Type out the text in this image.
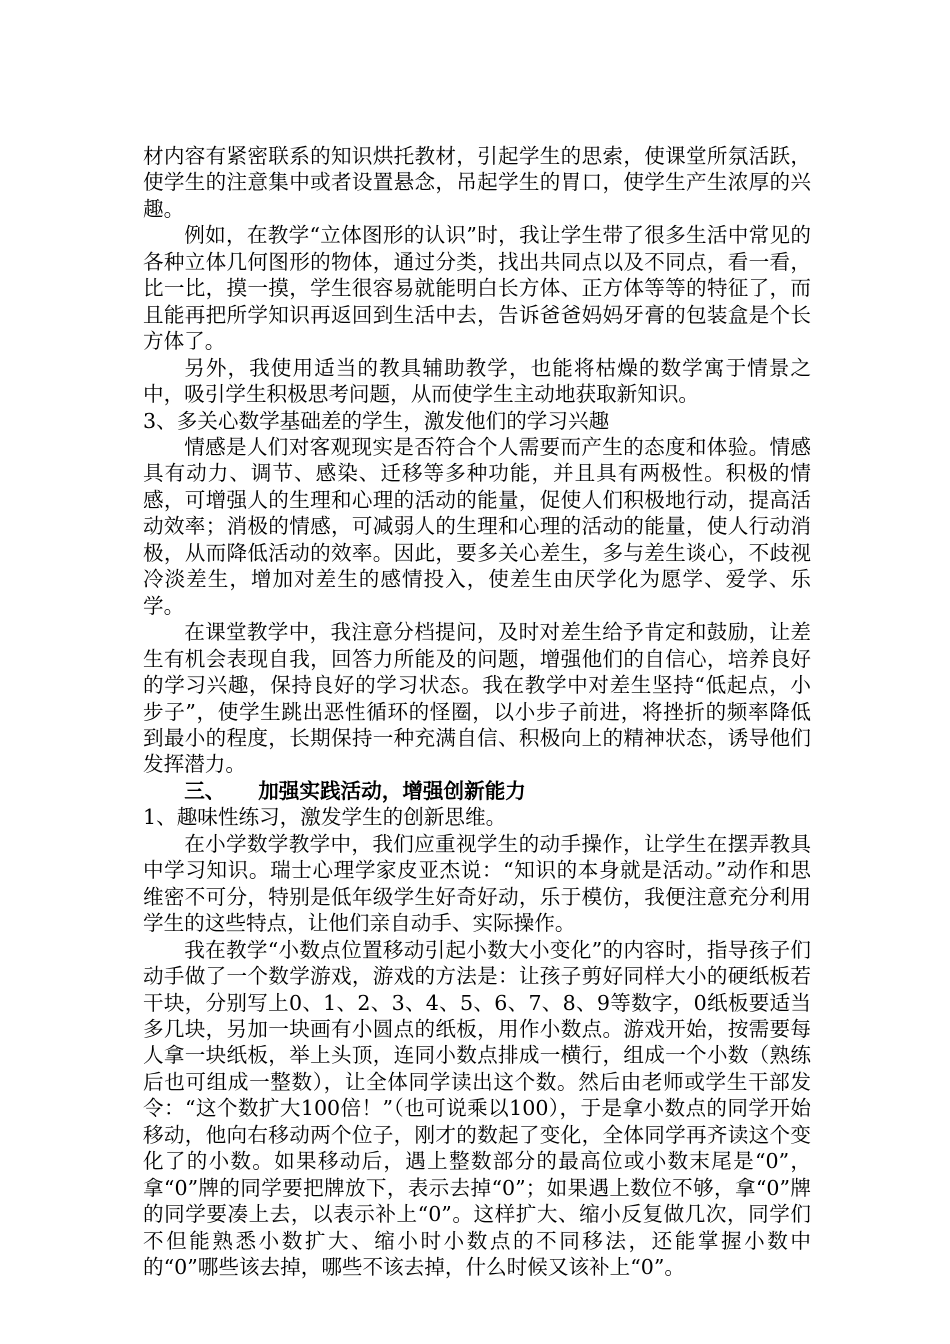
材内容有紧密联系的知识烘托教材，引起学生的思索，使课堂所氛活跃，使学生的注意集中或者设置悬念，吊起学生的胃口，使学生产生浓厚的兴趣。

例如，在教学“立体图形的认识”时，我让学生带了很多生活中常见的各种立体几何图形的物体，通过分类，找出共同点以及不同点，看一看，比一比，摸一摸，学生很容易就能明白长方体、正方体等等的特征了，而且能再把所学知识再返回到生活中去，告诉爸爸妈妈牙膏的包装盒是个长方体了。

另外，我使用适当的教具辅助教学，也能将枯燥的数学寓于情景之中，吸引学生积极思考问题，从而使学生主动地获取新知识。

3、多关心数学基础差的学生，激发他们的学习兴趣

情感是人们对客观现实是否符合个人需要而产生的态度和体验。情感具有动力、调节、感染、迁移等多种功能，并且具有两极性。积极的情感，可增强人的生理和心理的活动的能量，促使人们积极地行动，提高活动效率；消极的情感，可减弱人的生理和心理的活动的能量，使人行动消极，从而降低活动的效率。因此，要多关心差生，多与差生谈心，不歧视冷淡差生，增加对差生的感情投入，使差生由厌学化为愿学、爱学、乐学。

在课堂教学中，我注意分档提问，及时对差生给予肯定和鼓励，让差生有机会表现自我，回答力所能及的问题，增强他们的自信心，培养良好的学习兴趣，保持良好的学习状态。我在教学中对差生坚持“低起点，小步子”，使学生跳出恶性循环的怪圈，以小步子前进，将挫折的频率降低到最小的程度，长期保持一种充满自信、积极向上的精神状态，诱导他们发挥潜力。

三、 加强实践活动，增强创新能力

1、趣味性练习，激发学生的创新思维。

在小学数学教学中，我们应重视学生的动手操作，让学生在摆弄教具中学习知识。瑞士心理学家皮亚杰说：“知识的本身就是活动。”动作和思维密不可分，特别是低年级学生好奇好动，乐于模仿，我便注意充分利用学生的这些特点，让他们亲自动手、实际操作。

我在教学“小数点位置移动引起小数大小变化”的内容时，指导孩子们动手做了一个数学游戏，游戏的方法是：让孩子剪好同样大小的硬纸板若干块，分别写上0、1、2、3、4、5、6、7、8、9等数字，0纸板要适当多几块，另加一块画有小圆点的纸板，用作小数点。游戏开始，按需要每人拿一块纸板，举上头顶，连同小数点排成一横行，组成一个小数（熟练后也可组成一整数），让全体同学读出这个数。然后由老师或学生干部发令：“这个数扩大100倍！”（也可说乘以100），于是拿小数点的同学开始移动，他向右移动两个位子，刚才的数起了变化，全体同学再齐读这个变化了的小数。如果移动后，遇上整数部分的最高位或小数末尾是“0”，拿“0”牌的同学要把牌放下，表示去掉“0”；如果遇上数位不够，拿“0”牌的同学要凑上去，以表示补上“0”。这样扩大、缩小反复做几次，同学们不但能熟悉小数扩大、缩小时小数点的不同移法，还能掌握小数中的“0”哪些该去掉，哪些不该去掉，什么时候又该补上“0”。
